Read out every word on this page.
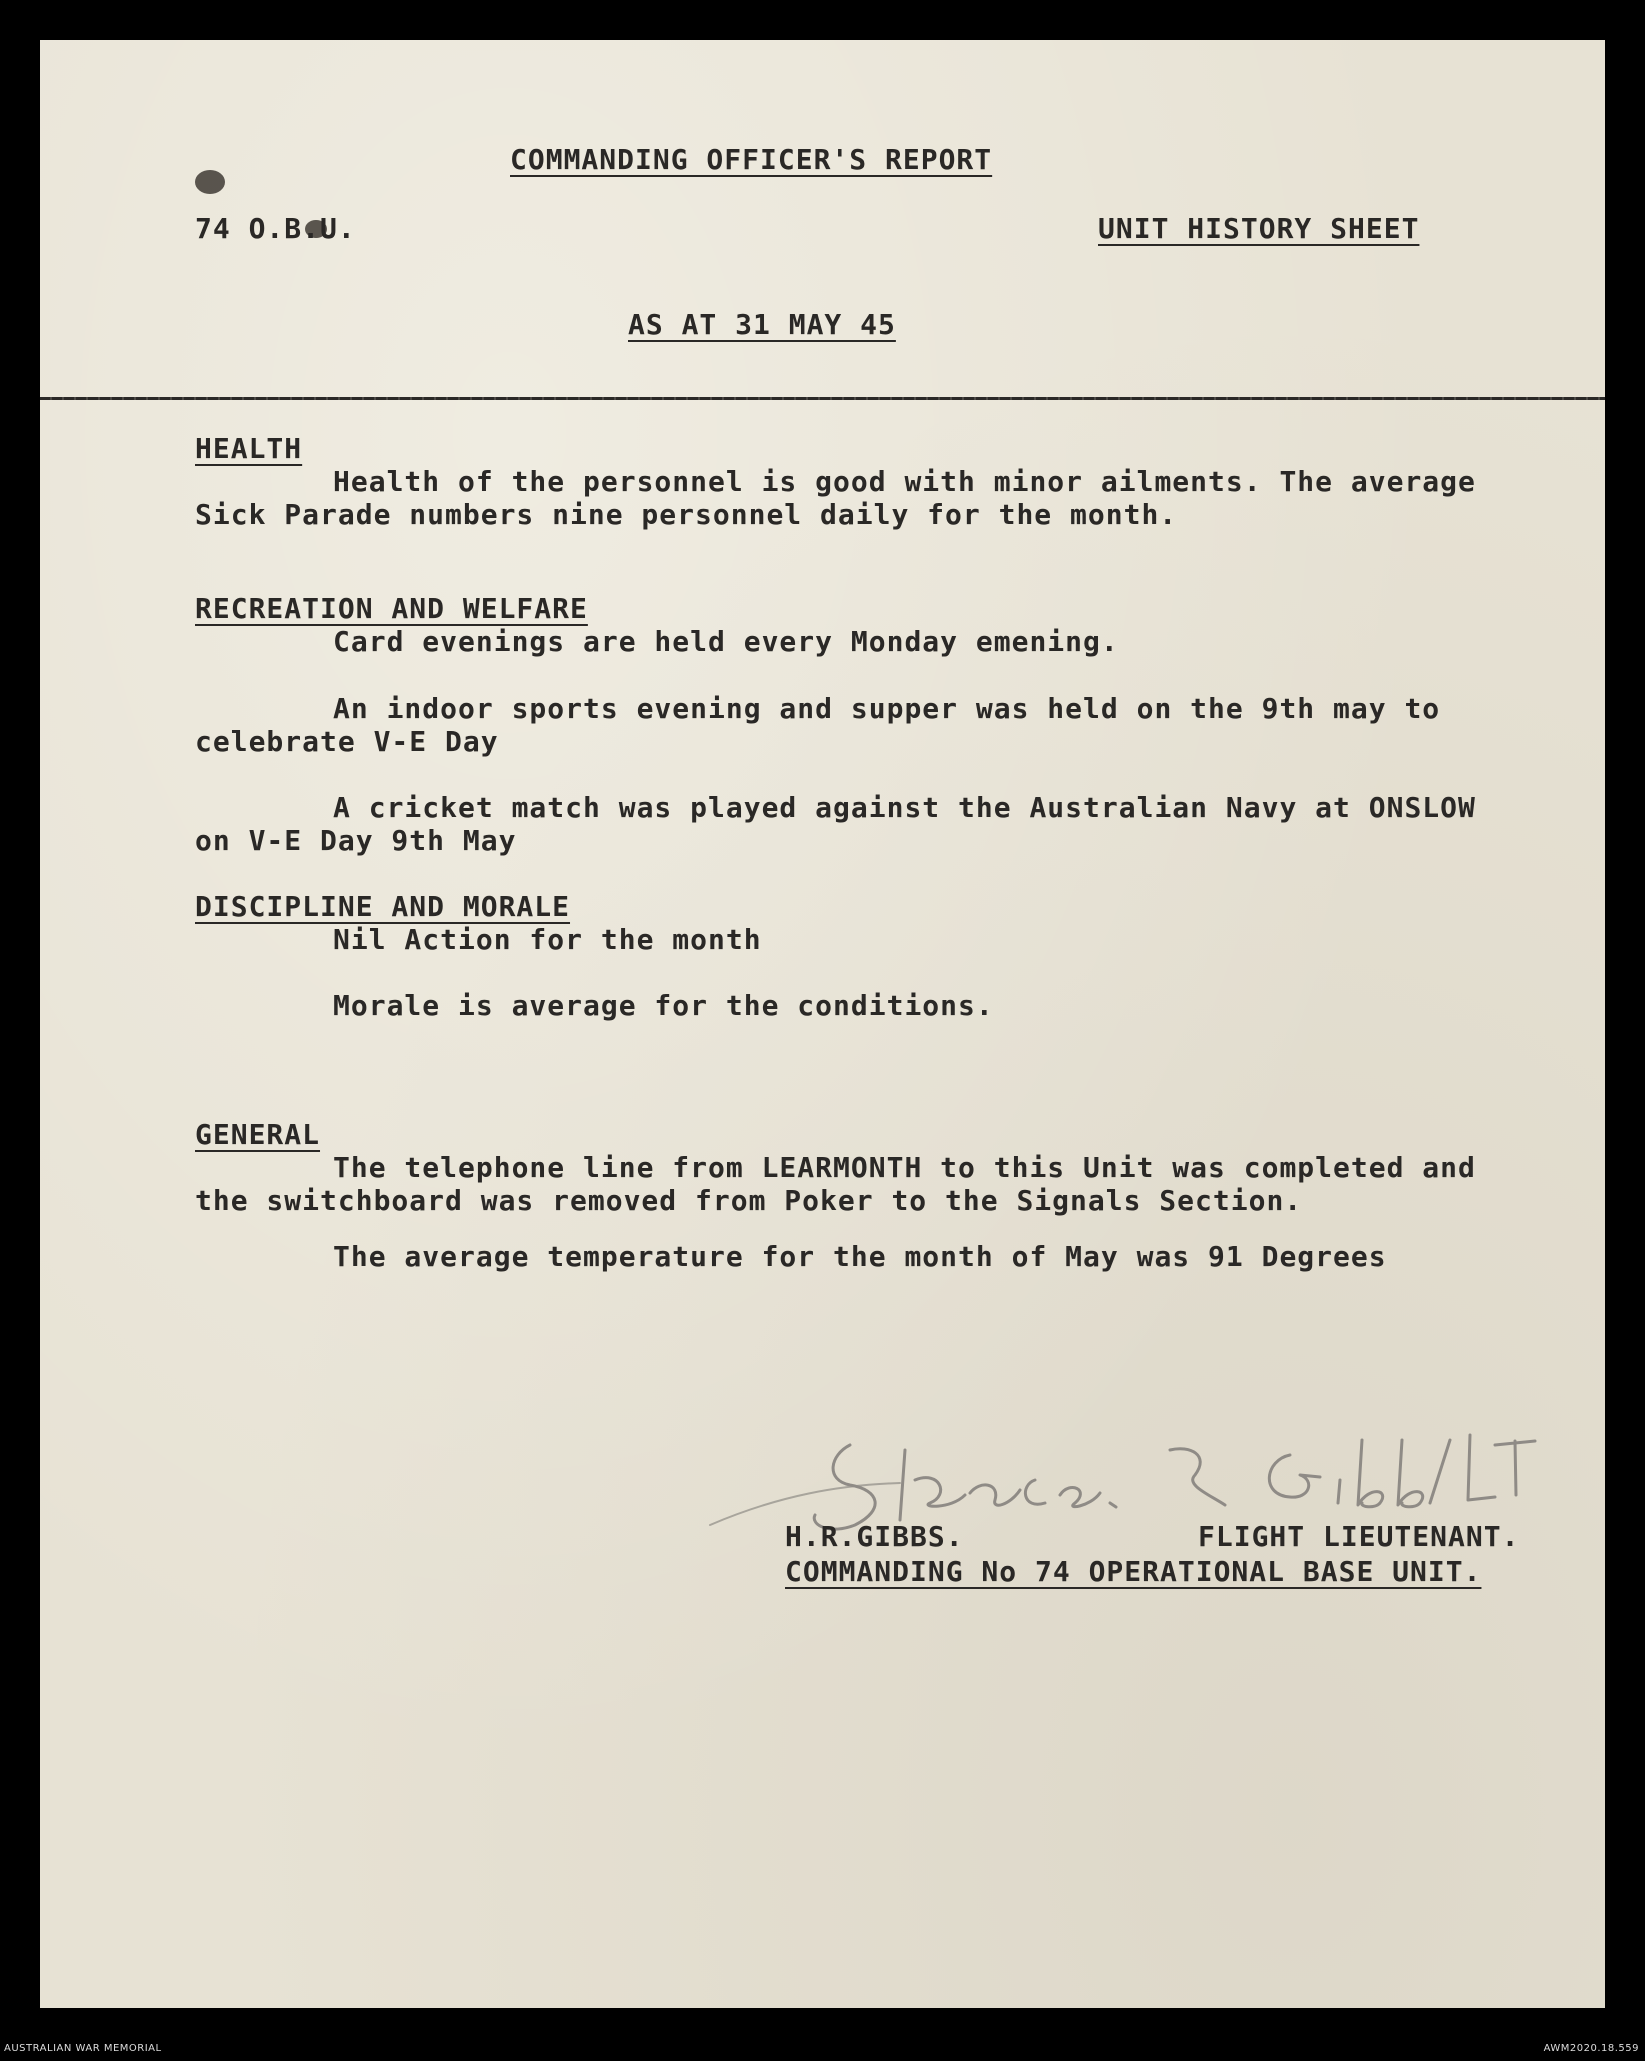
COMMANDING OFFICER'S REPORT
74 O.B.U.	UNIT HISTORY SHEET
AS AT 31 MAY 45
HEALTH
Health of the personnel is good with minor ailments. The average
Sick Parade numbers nine personnel daily for the month.
RECREATION AND WELFARE
Card evenings are held every Monday emening.
An indoor sports evening and supper was held on the 9th may to
celebrate V-E Day
A cricket match was played against the Australian Navy at ONSLOW
on V-E Day 9th May
DISCIPLINE AND MORALE
Nil Action for the month
Morale is average for the conditions.
GENERAL
The telephone line from LEARMONTH to this Unit was completed and
the switchboard was removed from Poker to the Signals Section.
The average temperature for the month of May was 91 Degrees
H.R.GIBBS.	FLIGHT LIEUTENANT.
COMMANDING No 74 OPERATIONAL BASE UNIT.
AUSTRALIAN WAR MEMORIAL	AWM2020.18.559
